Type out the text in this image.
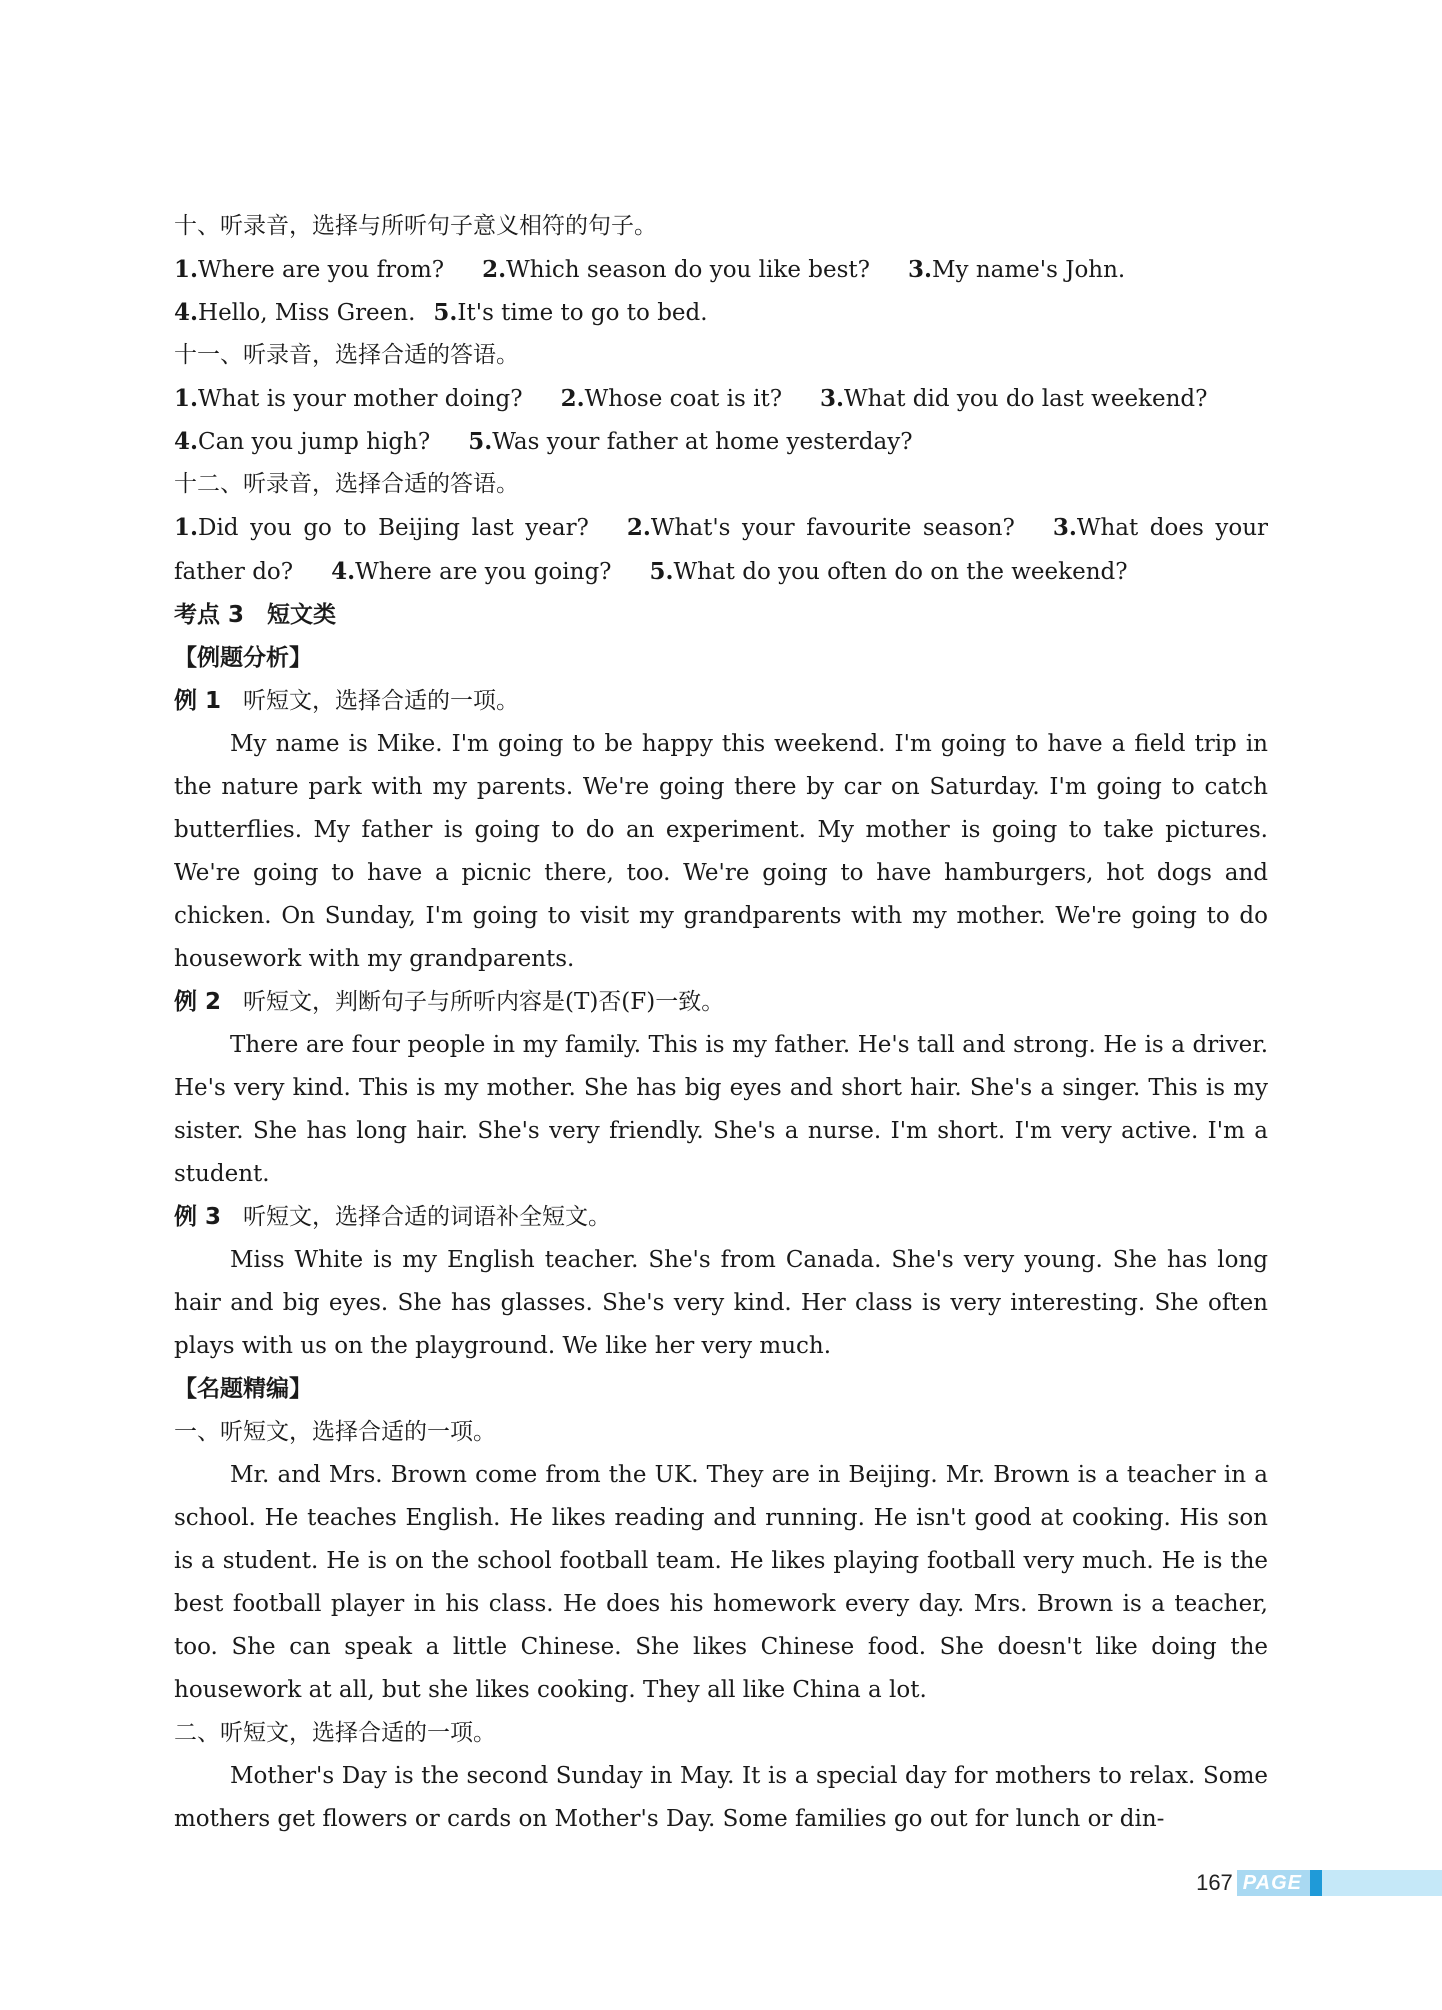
十、听录音，选择与所听句子意义相符的句子。
1.Where are you from? 2.Which season do you like best? 3.My name's John.
4.Hello, Miss Green. 5.It's time to go to bed.
十一、听录音，选择合适的答语。
1.What is your mother doing? 2.Whose coat is it? 3.What did you do last weekend?
4.Can you jump high? 5.Was your father at home yesterday?
十二、听录音，选择合适的答语。
1.Did you go to Beijing last year? 2.What's your favourite season? 3.What does your father do? 4.Where are you going? 5.What do you often do on the weekend?
考点 3　短文类
【例题分析】
例 1 听短文，选择合适的一项。

My name is Mike. I'm going to be happy this weekend. I'm going to have a field trip in the nature park with my parents. We're going there by car on Saturday. I'm going to catch butterflies. My father is going to do an experiment. My mother is going to take pictures. We're going to have a picnic there, too. We're going to have hamburgers, hot dogs and chicken. On Sunday, I'm going to visit my grandparents with my mother. We're going to do housework with my grandparents.

例 2 听短文，判断句子与所听内容是(T)否(F)一致。

There are four people in my family. This is my father. He's tall and strong. He is a driver. He's very kind. This is my mother. She has big eyes and short hair. She's a singer. This is my sister. She has long hair. She's very friendly. She's a nurse. I'm short. I'm very active. I'm a student.

例 3 听短文，选择合适的词语补全短文。

Miss White is my English teacher. She's from Canada. She's very young. She has long hair and big eyes. She has glasses. She's very kind. Her class is very interesting. She often plays with us on the playground. We like her very much.

【名题精编】
一、听短文，选择合适的一项。

Mr. and Mrs. Brown come from the UK. They are in Beijing. Mr. Brown is a teacher in a school. He teaches English. He likes reading and running. He isn't good at cooking. His son is a student. He is on the school football team. He likes playing football very much. He is the best football player in his class. He does his homework every day. Mrs. Brown is a teacher, too. She can speak a little Chinese. She likes Chinese food. She doesn't like doing the housework at all, but she likes cooking. They all like China a lot.

二、听短文，选择合适的一项。

Mother's Day is the second Sunday in May. It is a special day for mothers to relax. Some mothers get flowers or cards on Mother's Day. Some families go out for lunch or din-

167 PAGE
